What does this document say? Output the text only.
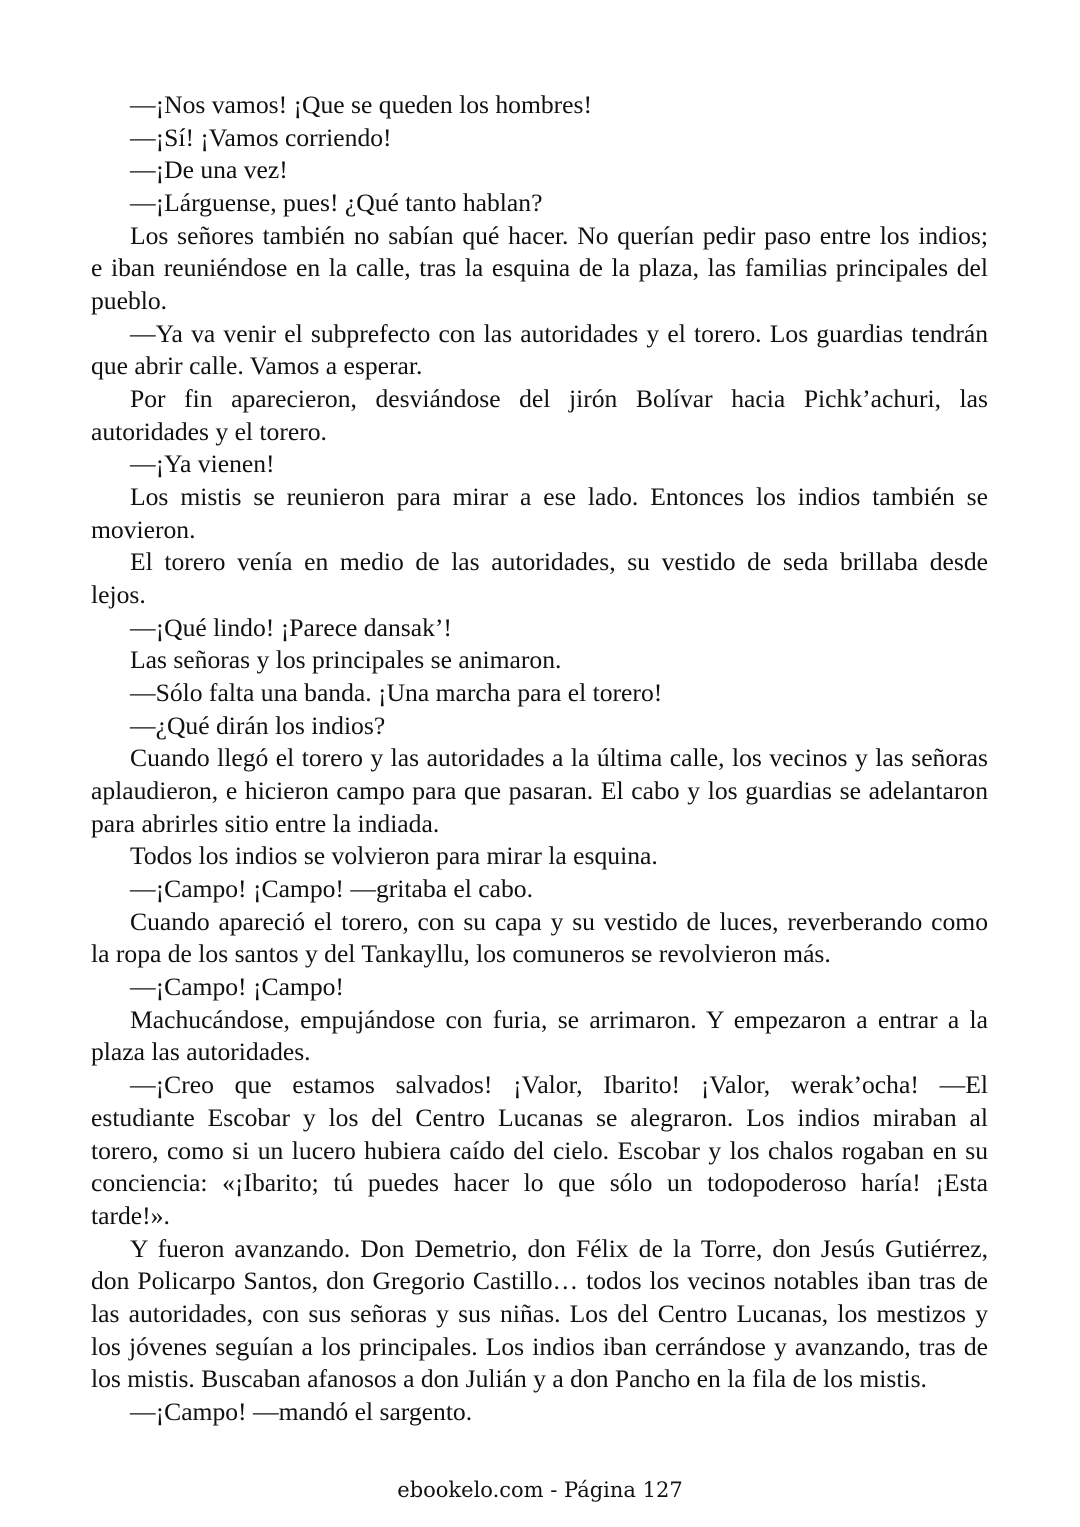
—¡Nos vamos! ¡Que se queden los hombres!
—¡Sí! ¡Vamos corriendo!
—¡De una vez!
—¡Lárguense, pues! ¿Qué tanto hablan?
Los señores también no sabían qué hacer. No querían pedir paso entre los indios;
e iban reuniéndose en la calle, tras la esquina de la plaza, las familias principales del
pueblo.
—Ya va venir el subprefecto con las autoridades y el torero. Los guardias tendrán
que abrir calle. Vamos a esperar.
Por fin aparecieron, desviándose del jirón Bolívar hacia Pichk’achuri, las
autoridades y el torero.
—¡Ya vienen!
Los mistis se reunieron para mirar a ese lado. Entonces los indios también se
movieron.
El torero venía en medio de las autoridades, su vestido de seda brillaba desde
lejos.
—¡Qué lindo! ¡Parece dansak’!
Las señoras y los principales se animaron.
—Sólo falta una banda. ¡Una marcha para el torero!
—¿Qué dirán los indios?
Cuando llegó el torero y las autoridades a la última calle, los vecinos y las señoras
aplaudieron, e hicieron campo para que pasaran. El cabo y los guardias se adelantaron
para abrirles sitio entre la indiada.
Todos los indios se volvieron para mirar la esquina.
—¡Campo! ¡Campo! —gritaba el cabo.
Cuando apareció el torero, con su capa y su vestido de luces, reverberando como
la ropa de los santos y del Tankayllu, los comuneros se revolvieron más.
—¡Campo! ¡Campo!
Machucándose, empujándose con furia, se arrimaron. Y empezaron a entrar a la
plaza las autoridades.
—¡Creo que estamos salvados! ¡Valor, Ibarito! ¡Valor, werak’ocha! —El
estudiante Escobar y los del Centro Lucanas se alegraron. Los indios miraban al
torero, como si un lucero hubiera caído del cielo. Escobar y los chalos rogaban en su
conciencia: «¡Ibarito; tú puedes hacer lo que sólo un todopoderoso haría! ¡Esta
tarde!».
Y fueron avanzando. Don Demetrio, don Félix de la Torre, don Jesús Gutiérrez,
don Policarpo Santos, don Gregorio Castillo… todos los vecinos notables iban tras de
las autoridades, con sus señoras y sus niñas. Los del Centro Lucanas, los mestizos y
los jóvenes seguían a los principales. Los indios iban cerrándose y avanzando, tras de
los mistis. Buscaban afanosos a don Julián y a don Pancho en la fila de los mistis.
—¡Campo! —mandó el sargento.
ebookelo.com - Página 127
